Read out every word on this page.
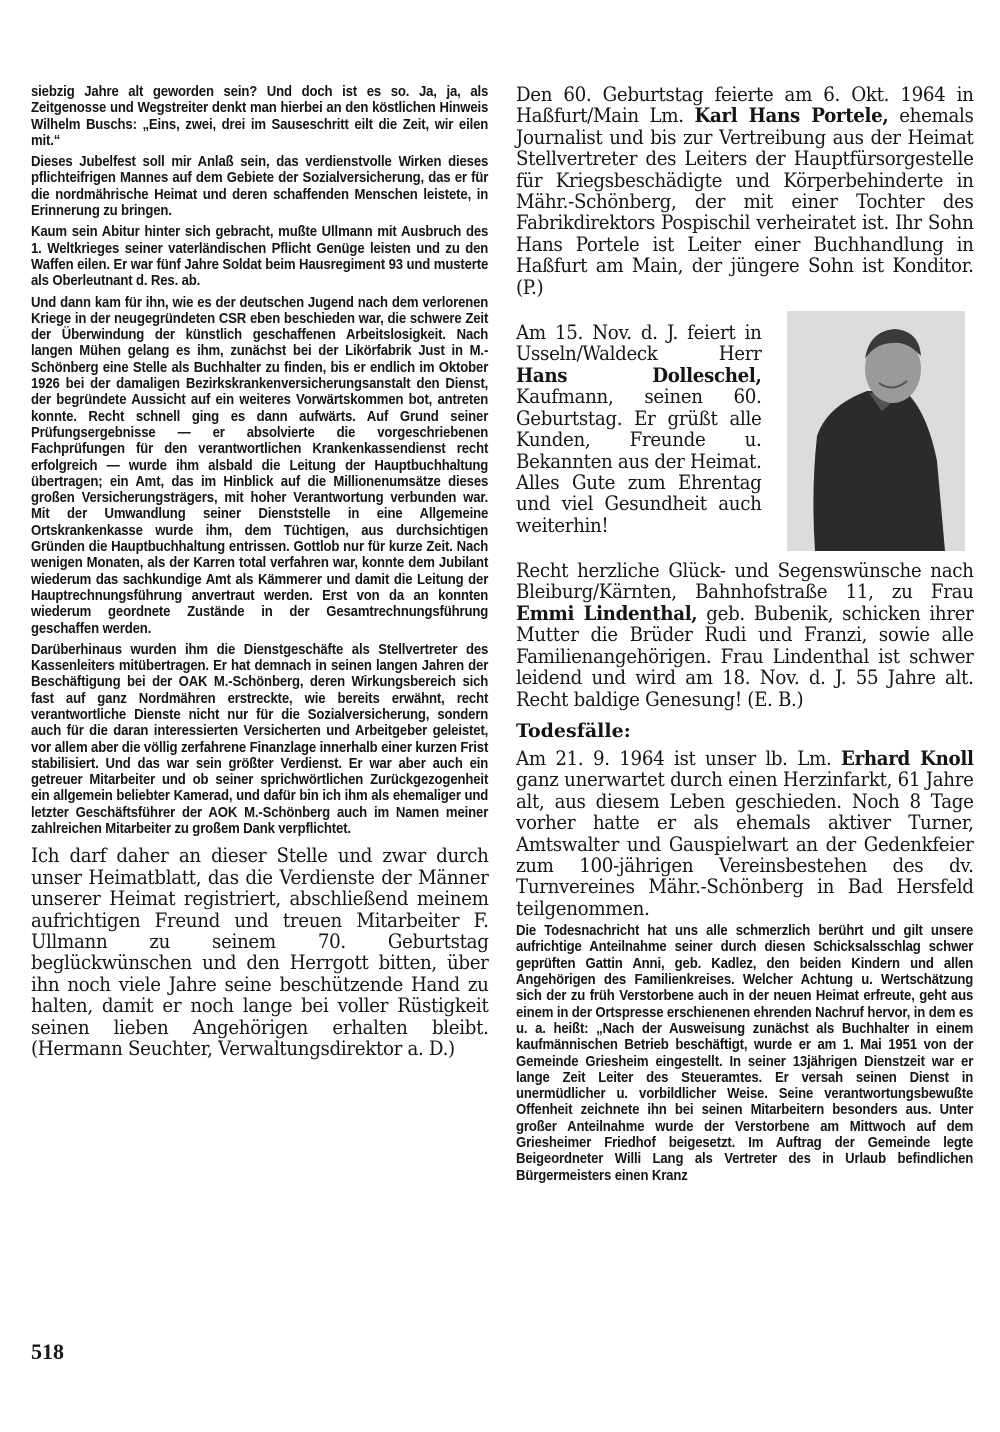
siebzig Jahre alt geworden sein? Und doch ist es so. Ja, ja, als Zeitgenosse und Wegstreiter denkt man hierbei an den köstlichen Hinweis Wilhelm Buschs: „Eins, zwei, drei im Sauseschritt eilt die Zeit, wir eilen mit.“

Dieses Jubelfest soll mir Anlaß sein, das verdienstvolle Wirken dieses pflichteifrigen Mannes auf dem Gebiete der Sozialversicherung, das er für die nordmährische Heimat und deren schaffenden Menschen leistete, in Erinnerung zu bringen.

Kaum sein Abitur hinter sich gebracht, mußte Ullmann mit Ausbruch des 1. Weltkrieges seiner vaterländischen Pflicht Genüge leisten und zu den Waffen eilen. Er war fünf Jahre Soldat beim Hausregiment 93 und musterte als Oberleutnant d. Res. ab.

Und dann kam für ihn, wie es der deutschen Jugend nach dem verlorenen Kriege in der neugegründeten CSR eben beschieden war, die schwere Zeit der Überwindung der künstlich geschaffenen Arbeitslosigkeit. Nach langen Mühen gelang es ihm, zunächst bei der Likörfabrik Just in M.-Schönberg eine Stelle als Buchhalter zu finden, bis er endlich im Oktober 1926 bei der damaligen Bezirkskrankenversicherungsanstalt den Dienst, der begründete Aussicht auf ein weiteres Vorwärtskommen bot, antreten konnte. Recht schnell ging es dann aufwärts. Auf Grund seiner Prüfungsergebnisse — er absolvierte die vorgeschriebenen Fachprüfungen für den verantwortlichen Krankenkassendienst recht erfolgreich — wurde ihm alsbald die Leitung der Hauptbuchhaltung übertragen; ein Amt, das im Hinblick auf die Millionenumsätze dieses großen Versicherungsträgers, mit hoher Verantwortung verbunden war. Mit der Umwandlung seiner Dienststelle in eine Allgemeine Ortskrankenkasse wurde ihm, dem Tüchtigen, aus durchsichtigen Gründen die Hauptbuchhaltung entrissen. Gottlob nur für kurze Zeit. Nach wenigen Monaten, als der Karren total verfahren war, konnte dem Jubilant wiederum das sachkundige Amt als Kämmerer und damit die Leitung der Hauptrechnungsführung anvertraut werden. Erst von da an konnten wiederum geordnete Zustände in der Gesamtrechnungsführung geschaffen werden.

Darüberhinaus wurden ihm die Dienstgeschäfte als Stellvertreter des Kassenleiters mitübertragen. Er hat demnach in seinen langen Jahren der Beschäftigung bei der OAK M.-Schönberg, deren Wirkungsbereich sich fast auf ganz Nordmähren erstreckte, wie bereits erwähnt, recht verantwortliche Dienste nicht nur für die Sozialversicherung, sondern auch für die daran interessierten Versicherten und Arbeitgeber geleistet, vor allem aber die völlig zerfahrene Finanzlage innerhalb einer kurzen Frist stabilisiert. Und das war sein größter Verdienst. Er war aber auch ein getreuer Mitarbeiter und ob seiner sprichwörtlichen Zurückgezogenheit ein allgemein beliebter Kamerad, und dafür bin ich ihm als ehemaliger und letzter Geschäftsführer der AOK M.-Schönberg auch im Namen meiner zahlreichen Mitarbeiter zu großem Dank verpflichtet.

Ich darf daher an dieser Stelle und zwar durch unser Heimatblatt, das die Verdienste der Männer unserer Heimat registriert, abschließend meinem aufrichtigen Freund und treuen Mitarbeiter F. Ullmann zu seinem 70. Geburtstag beglückwünschen und den Herrgott bitten, über ihn noch viele Jahre seine beschützende Hand zu halten, damit er noch lange bei voller Rüstigkeit seinen lieben Angehörigen erhalten bleibt. (Hermann Seuchter, Verwaltungsdirektor a. D.)

518

Den 60. Geburtstag feierte am 6. Okt. 1964 in Haßfurt/Main Lm. Karl Hans Portele, ehemals Journalist und bis zur Vertreibung aus der Heimat Stellvertreter des Leiters der Hauptfürsorgestelle für Kriegsbeschädigte und Körperbehinderte in Mähr.-Schönberg, der mit einer Tochter des Fabrikdirektors Pospischil verheiratet ist. Ihr Sohn Hans Portele ist Leiter einer Buchhandlung in Haßfurt am Main, der jüngere Sohn ist Konditor. (P.)

Am 15. Nov. d. J. feiert in Usseln/Waldeck Herr Hans Dolleschel, Kaufmann, seinen 60. Geburtstag. Er grüßt alle Kunden, Freunde u. Bekannten aus der Heimat. Alles Gute zum Ehrentag und viel Gesundheit auch weiterhin!

Recht herzliche Glück- und Segenswünsche nach Bleiburg/Kärnten, Bahnhofstraße 11, zu Frau Emmi Lindenthal, geb. Bubenik, schicken ihrer Mutter die Brüder Rudi und Franzi, sowie alle Familienangehörigen. Frau Lindenthal ist schwer leidend und wird am 18. Nov. d. J. 55 Jahre alt. Recht baldige Genesung! (E. B.)

Todesfälle:

Am 21. 9. 1964 ist unser lb. Lm. Erhard Knoll ganz unerwartet durch einen Herzinfarkt, 61 Jahre alt, aus diesem Leben geschieden. Noch 8 Tage vorher hatte er als ehemals aktiver Turner, Amtswalter und Gauspielwart an der Gedenkfeier zum 100-jährigen Vereinsbestehen des dv. Turnvereines Mähr.-Schönberg in Bad Hersfeld teilgenommen.

Die Todesnachricht hat uns alle schmerzlich berührt und gilt unsere aufrichtige Anteilnahme seiner durch diesen Schicksalsschlag schwer geprüften Gattin Anni, geb. Kadlez, den beiden Kindern und allen Angehörigen des Familienkreises. Welcher Achtung u. Wertschätzung sich der zu früh Verstorbene auch in der neuen Heimat erfreute, geht aus einem in der Ortspresse erschienenen ehrenden Nachruf hervor, in dem es u. a. heißt: „Nach der Ausweisung zunächst als Buchhalter in einem kaufmännischen Betrieb beschäftigt, wurde er am 1. Mai 1951 von der Gemeinde Griesheim eingestellt. In seiner 13jährigen Dienstzeit war er lange Zeit Leiter des Steueramtes. Er versah seinen Dienst in unermüdlicher u. vorbildlicher Weise. Seine verantwortungsbewußte Offenheit zeichnete ihn bei seinen Mitarbeitern besonders aus. Unter großer Anteilnahme wurde der Verstorbene am Mittwoch auf dem Griesheimer Friedhof beigesetzt. Im Auftrag der Gemeinde legte Beigeordneter Willi Lang als Vertreter des in Urlaub befindlichen Bürgermeisters einen Kranz
